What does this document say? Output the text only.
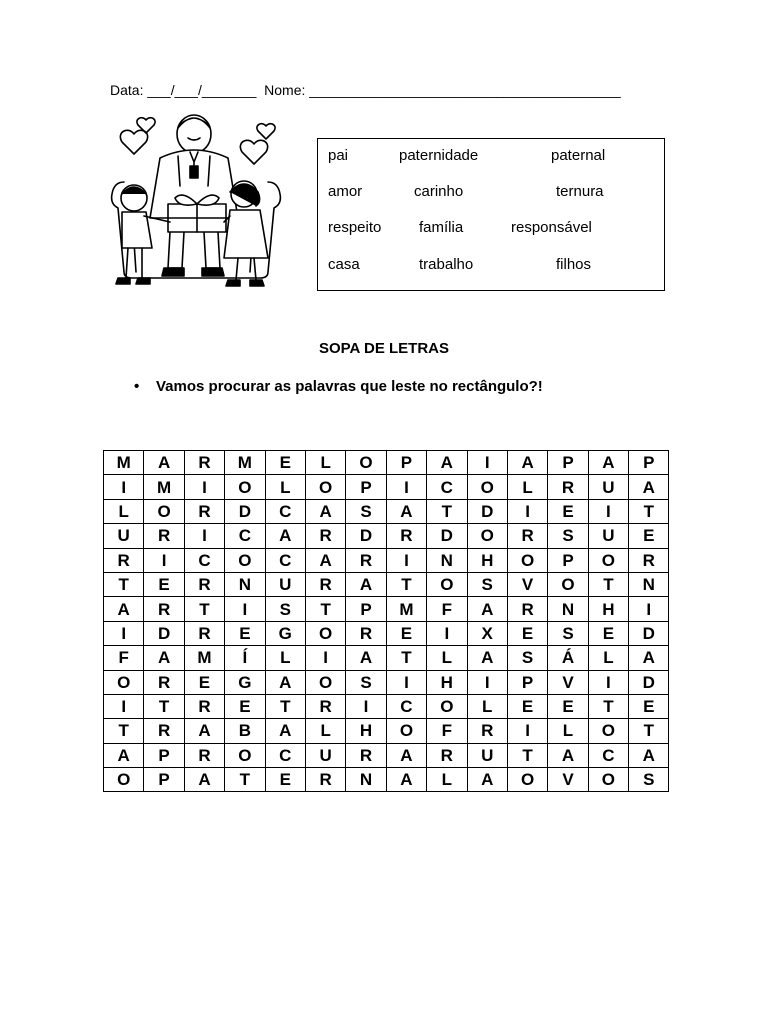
Data: ___/___/_______ Nome: ________________________________________
pai	paternidade	paternal
amor	carinho	ternura
respeito	família	responsável
casa	trabalho	filhos
SOPA DE LETRAS
• Vamos procurar as palavras que leste no rectângulo?!
M	A	R	M	E	L	O	P	A	I	A	P	A	P
I	M	I	O	L	O	P	I	C	O	L	R	U	A
L	O	R	D	C	A	S	A	T	D	I	E	I	T
U	R	I	C	A	R	D	R	D	O	R	S	U	E
R	I	C	O	C	A	R	I	N	H	O	P	O	R
T	E	R	N	U	R	A	T	O	S	V	O	T	N
A	R	T	I	S	T	P	M	F	A	R	N	H	I
I	D	R	E	G	O	R	E	I	X	E	S	E	D
F	A	M	Í	L	I	A	T	L	A	S	Á	L	A
O	R	E	G	A	O	S	I	H	I	P	V	I	D
I	T	R	E	T	R	I	C	O	L	E	E	T	E
T	R	A	B	A	L	H	O	F	R	I	L	O	T
A	P	R	O	C	U	R	A	R	U	T	A	C	A
O	P	A	T	E	R	N	A	L	A	O	V	O	S
